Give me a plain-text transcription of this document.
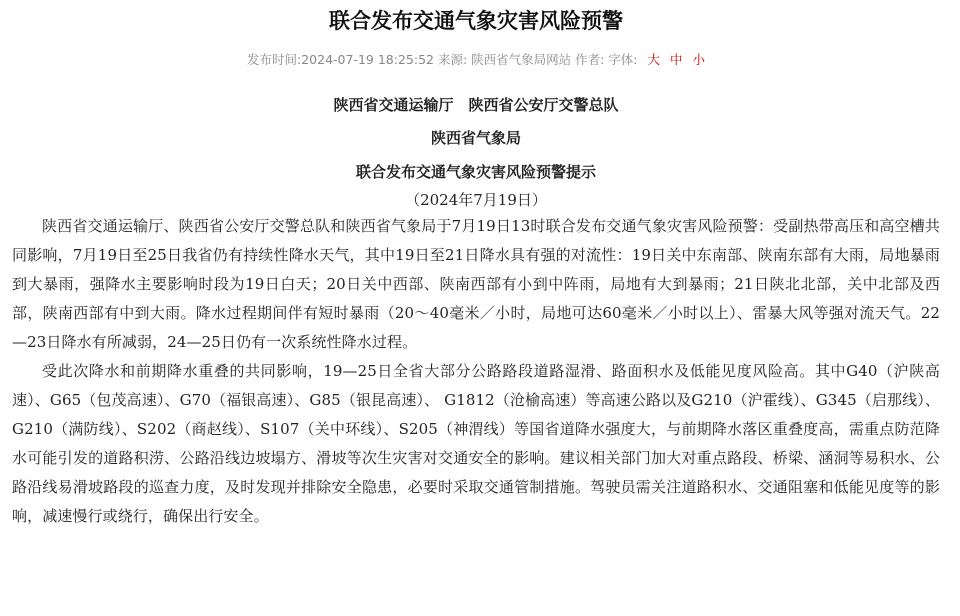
联合发布交通气象灾害风险预警
发布时间:2024-07-19 18:25:52 来源: 陕西省气象局网站 作者: 字体: 大 中 小
陕西省交通运输厅　陕西省公安厅交警总队
陕西省气象局
联合发布交通气象灾害风险预警提示
（2024年7月19日）

陕西省交通运输厅、陕西省公安厅交警总队和陕西省气象局于7月19日13时联合发布交通气象灾害风险预警：受副热带高压和高空槽共同影响，7月19日至25日我省仍有持续性降水天气，其中19日至21日降水具有强的对流性：19日关中东南部、陕南东部有大雨，局地暴雨到大暴雨，强降水主要影响时段为19日白天；20日关中西部、陕南西部有小到中阵雨，局地有大到暴雨；21日陕北北部，关中北部及西部，陕南西部有中到大雨。降水过程期间伴有短时暴雨（20～40毫米／小时，局地可达60毫米／小时以上）、雷暴大风等强对流天气。22—23日降水有所减弱，24—25日仍有一次系统性降水过程。

受此次降水和前期降水重叠的共同影响，19—25日全省大部分公路路段道路湿滑、路面积水及低能见度风险高。其中G40（沪陕高速）、G65（包茂高速）、G70（福银高速）、G85（银昆高速）、 G1812（沧榆高速）等高速公路以及G210（沪霍线）、G345（启那线）、G210（满防线）、S202（商赵线）、S107（关中环线）、S205（神渭线）等国省道降水强度大，与前期降水落区重叠度高，需重点防范降水可能引发的道路积涝、公路沿线边坡塌方、滑坡等次生灾害对交通安全的影响。建议相关部门加大对重点路段、桥梁、涵洞等易积水、公路沿线易滑坡路段的巡查力度，及时发现并排除安全隐患，必要时采取交通管制措施。驾驶员需关注道路积水、交通阻塞和低能见度等的影响，减速慢行或绕行，确保出行安全。
